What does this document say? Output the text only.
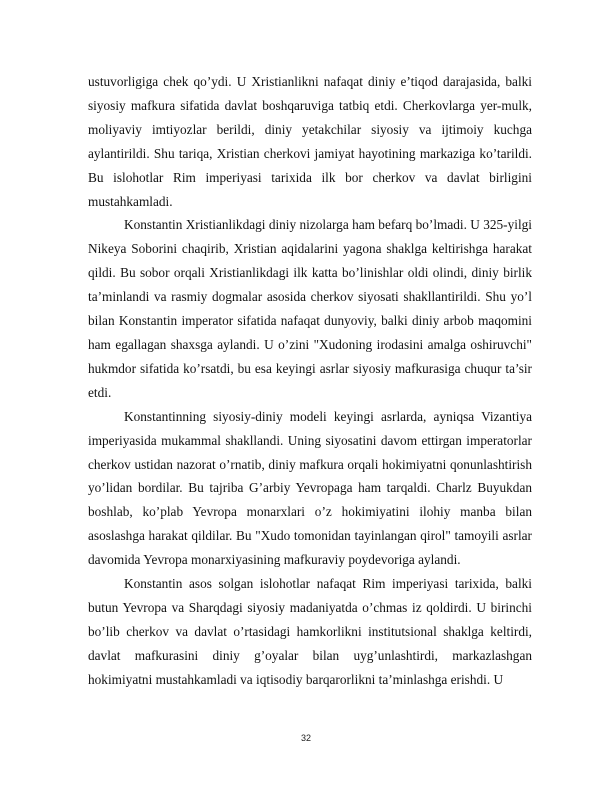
ustuvorligiga chek qo’ydi. U Xristianlikni nafaqat diniy e’tiqod darajasida, balki siyosiy mafkura sifatida davlat boshqaruviga tatbiq etdi. Cherkovlarga yer-mulk, moliyaviy imtiyozlar berildi, diniy yetakchilar siyosiy va ijtimoiy kuchga aylantirildi. Shu tariqa, Xristian cherkovi jamiyat hayotining markaziga ko’tarildi. Bu islohotlar Rim imperiyasi tarixida ilk bor cherkov va davlat birligini mustahkamladi.

Konstantin Xristianlikdagi diniy nizolarga ham befarq bo’lmadi. U 325-yilgi Nikeya Soborini chaqirib, Xristian aqidalarini yagona shaklga keltirishga harakat qildi. Bu sobor orqali Xristianlikdagi ilk katta bo’linishlar oldi olindi, diniy birlik ta’minlandi va rasmiy dogmalar asosida cherkov siyosati shakllantirildi. Shu yo’l bilan Konstantin imperator sifatida nafaqat dunyoviy, balki diniy arbob maqomini ham egallagan shaxsga aylandi. U o’zini "Xudoning irodasini amalga oshiruvchi" hukmdor sifatida ko’rsatdi, bu esa keyingi asrlar siyosiy mafkurasiga chuqur ta’sir etdi.

Konstantinning siyosiy-diniy modeli keyingi asrlarda, ayniqsa Vizantiya imperiyasida mukammal shakllandi. Uning siyosatini davom ettirgan imperatorlar cherkov ustidan nazorat o’rnatib, diniy mafkura orqali hokimiyatni qonunlashtirish yo’lidan bordilar. Bu tajriba G’arbiy Yevropaga ham tarqaldi. Charlz Buyukdan boshlab, ko’plab Yevropa monarxlari o’z hokimiyatini ilohiy manba bilan asoslashga harakat qildilar. Bu "Xudo tomonidan tayinlangan qirol" tamoyili asrlar davomida Yevropa monarxiyasining mafkuraviy poydevoriga aylandi.

Konstantin asos solgan islohotlar nafaqat Rim imperiyasi tarixida, balki butun Yevropa va Sharqdagi siyosiy madaniyatda o’chmas iz qoldirdi. U birinchi bo’lib cherkov va davlat o’rtasidagi hamkorlikni institutsional shaklga keltirdi, davlat mafkurasini diniy g’oyalar bilan uyg’unlashtirdi, markazlashgan hokimiyatni mustahkamladi va iqtisodiy barqarorlikni ta’minlashga erishdi. U

32
